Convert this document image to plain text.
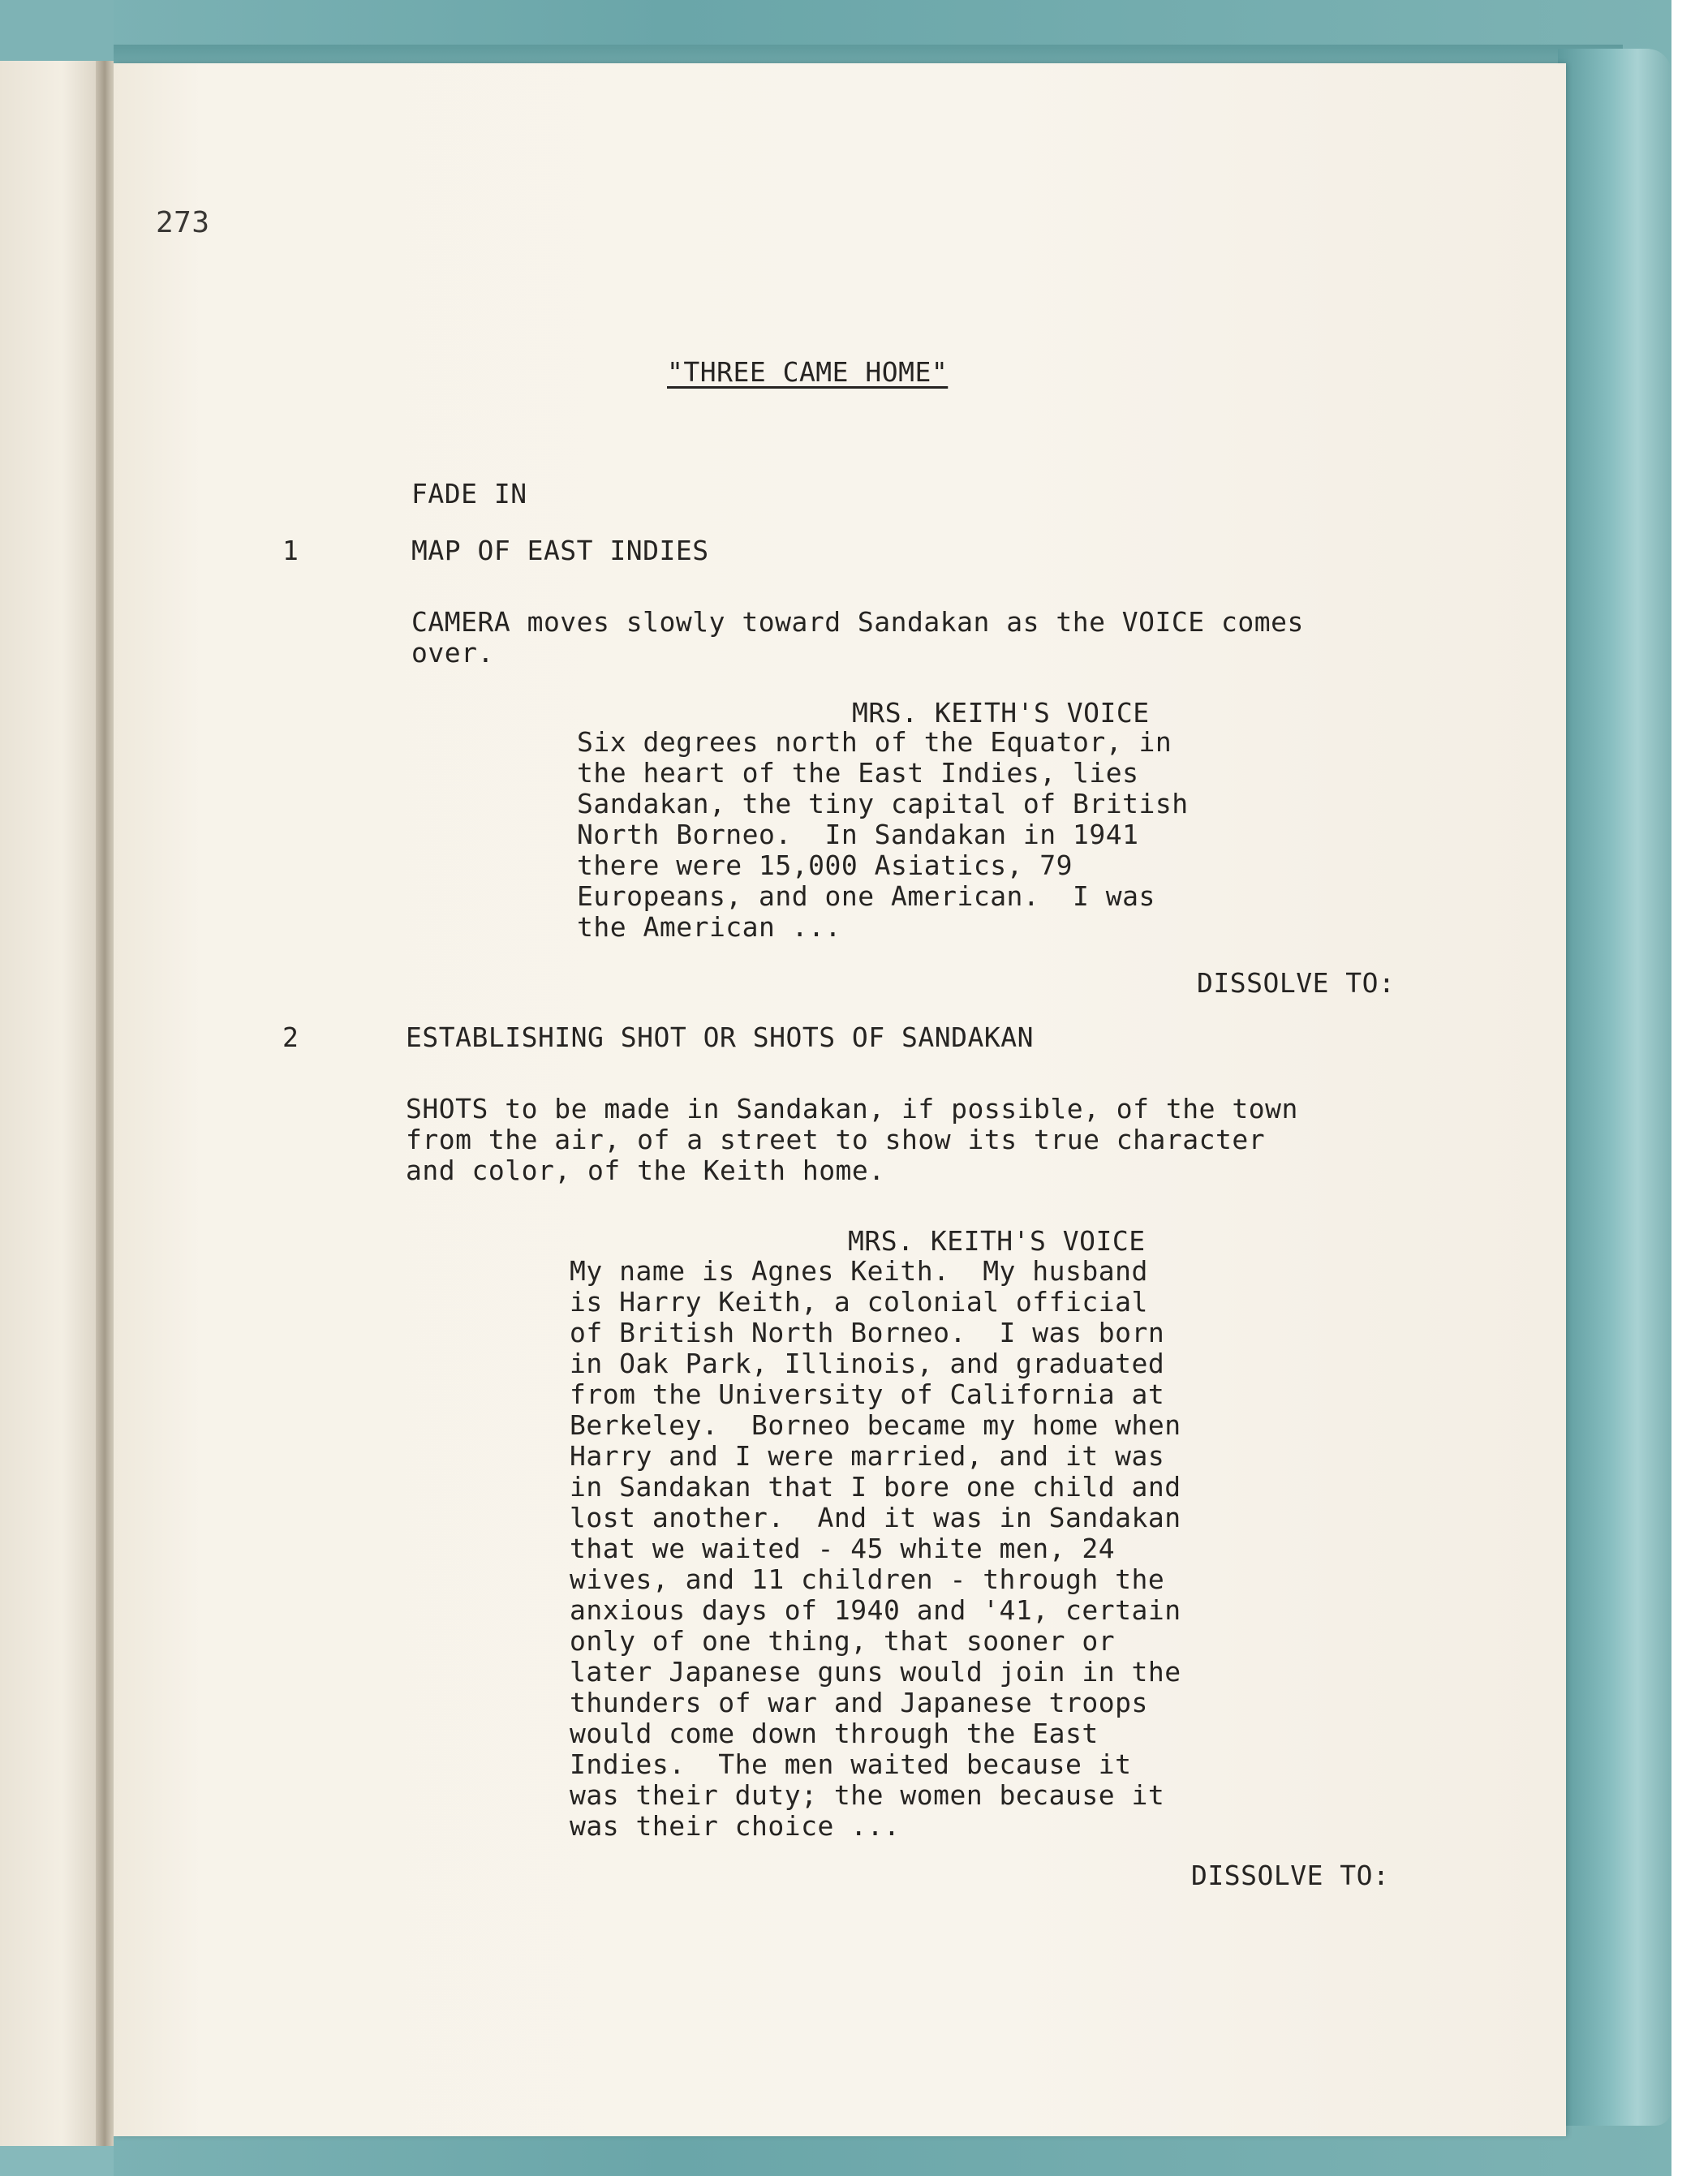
273
"THREE CAME HOME"
FADE IN
1	MAP OF EAST INDIES
CAMERA moves slowly toward Sandakan as the VOICE comes
over.
MRS. KEITH'S VOICE
Six degrees north of the Equator, in
the heart of the East Indies, lies
Sandakan, the tiny capital of British
North Borneo.  In Sandakan in 1941
there were 15,000 Asiatics, 79
Europeans, and one American.  I was
the American ...
DISSOLVE TO:
2	ESTABLISHING SHOT OR SHOTS OF SANDAKAN
SHOTS to be made in Sandakan, if possible, of the town
from the air, of a street to show its true character
and color, of the Keith home.
MRS. KEITH'S VOICE
My name is Agnes Keith.  My husband
is Harry Keith, a colonial official
of British North Borneo.  I was born
in Oak Park, Illinois, and graduated
from the University of California at
Berkeley.  Borneo became my home when
Harry and I were married, and it was
in Sandakan that I bore one child and
lost another.  And it was in Sandakan
that we waited - 45 white men, 24
wives, and 11 children - through the
anxious days of 1940 and '41, certain
only of one thing, that sooner or
later Japanese guns would join in the
thunders of war and Japanese troops
would come down through the East
Indies.  The men waited because it
was their duty; the women because it
was their choice ...
DISSOLVE TO:
